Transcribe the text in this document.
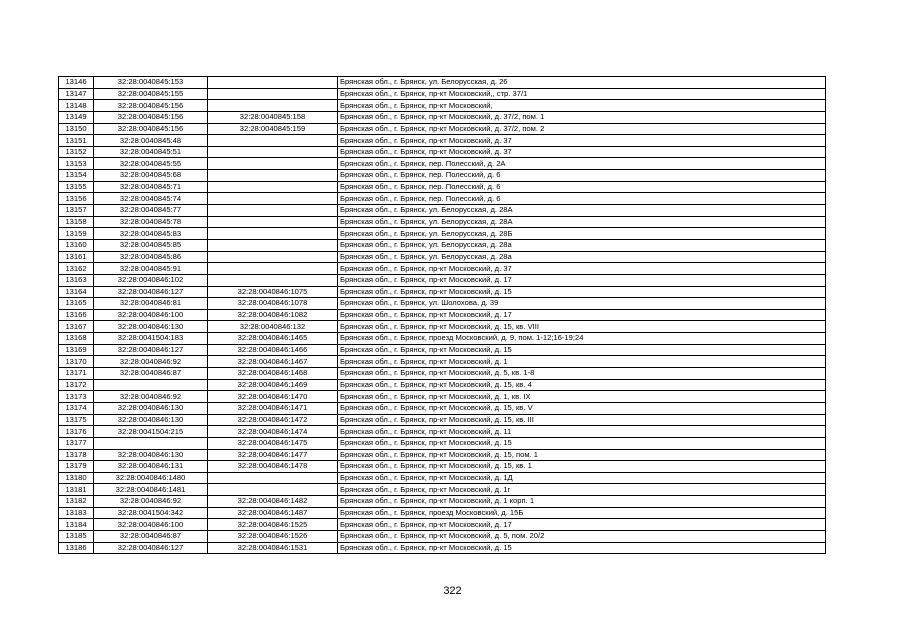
13146	32:28:0040845:153		Брянская обл., г. Брянск, ул. Белорусская, д. 26
13147	32:28:0040845:155		Брянская обл., г. Брянск, пр-кт Московский,, стр. 37/1
13148	32:28:0040845:156		Брянская обл., г. Брянск, пр-кт Московский,
13149	32:28:0040845:156	32:28:0040845:158	Брянская обл., г. Брянск, пр-кт Московский, д. 37/2, пом. 1
13150	32:28:0040845:156	32:28:0040845:159	Брянская обл., г. Брянск, пр-кт Московский, д. 37/2, пом. 2
13151	32:28:0040845:48		Брянская обл., г. Брянск, пр-кт Московский, д. 37
13152	32:28:0040845:51		Брянская обл., г. Брянск, пр-кт Московский, д. 37
13153	32:28:0040845:55		Брянская обл., г. Брянск, пер. Полесский, д. 2А
13154	32:28:0040845:68		Брянская обл., г. Брянск, пер. Полесский, д. 6
13155	32:28:0040845:71		Брянская обл., г. Брянск, пер. Полесский, д. 6
13156	32:28:0040845:74		Брянская обл., г. Брянск, пер. Полесский, д. 6
13157	32:28:0040845:77		Брянская обл., г. Брянск, ул. Белорусская, д. 28А
13158	32:28:0040845:78		Брянская обл., г. Брянск, ул. Белорусская, д. 28А
13159	32:28:0040845:83		Брянская обл., г. Брянск, ул. Белорусская, д. 28Б
13160	32:28:0040845:85		Брянская обл., г. Брянск, ул. Белорусская, д. 28а
13161	32:28:0040845:86		Брянская обл., г. Брянск, ул. Белорусская, д. 28а
13162	32:28:0040845:91		Брянская обл., г. Брянск, пр-кт Московский, д. 37
13163	32:28:0040846:102		Брянская обл., г. Брянск, пр-кт Московский, д. 17
13164	32:28:0040846:127	32:28:0040846:1075	Брянская обл., г. Брянск, пр-кт Московский, д. 15
13165	32:28:0040846:81	32:28:0040846:1078	Брянская обл., г. Брянск, ул. Шолохова, д. 39
13166	32:28:0040846:100	32:28:0040846:1082	Брянская обл., г. Брянск, пр-кт Московский, д. 17
13167	32:28:0040846:130	32:28:0040846:132	Брянская обл., г. Брянск, пр-кт Московский, д. 15, кв. VIII
13168	32:28:0041504:183	32:28:0040846:1465	Брянская обл., г. Брянск, проезд Московский, д. 9, пом. 1-12;16-19;24
13169	32:28:0040846:127	32:28:0040846:1466	Брянская обл., г. Брянск, пр-кт Московский, д. 15
13170	32:28:0040846:92	32:28:0040846:1467	Брянская обл., г. Брянск, пр-кт Московский, д. 1
13171	32:28:0040846:87	32:28:0040846:1468	Брянская обл., г. Брянск, пр-кт Московский, д. 5, кв. 1-8
13172		32:28:0040846:1469	Брянская обл., г. Брянск, пр-кт Московский, д. 15, кв. 4
13173	32:28:0040846:92	32:28:0040846:1470	Брянская обл., г. Брянск, пр-кт Московский, д. 1, кв. IX
13174	32:28:0040846:130	32:28:0040846:1471	Брянская обл., г. Брянск, пр-кт Московский, д. 15, кв. V
13175	32:28:0040846:130	32:28:0040846:1472	Брянская обл., г. Брянск, пр-кт Московский, д. 15, кв. III
13176	32:28:0041504:215	32:28:0040846:1474	Брянская обл., г. Брянск, пр-кт Московский, д. 11
13177		32:28:0040846:1475	Брянская обл., г. Брянск, пр-кт Московский, д. 15
13178	32:28:0040846:130	32:28:0040846:1477	Брянская обл., г. Брянск, пр-кт Московский, д. 15, пом. 1
13179	32:28:0040846:131	32:28:0040846:1478	Брянская обл., г. Брянск, пр-кт Московский, д. 15, кв. 1
13180	32:28:0040846:1480		Брянская обл., г. Брянск, пр-кт Московский, д. 1Д
13181	32:28:0040846:1481		Брянская обл., г. Брянск, пр-кт Московский, д. 1г
13182	32:28:0040846:92	32:28:0040846:1482	Брянская обл., г. Брянск, пр-кт Московский, д. 1 корп. 1
13183	32:28:0041504:342	32:28:0040846:1487	Брянская обл., г. Брянск, проезд Московский, д. 15Б
13184	32:28:0040846:100	32:28:0040846:1525	Брянская обл., г. Брянск, пр-кт Московский, д. 17
13185	32:28:0040846:87	32:28:0040846:1526	Брянская обл., г. Брянск, пр-кт Московский, д. 5, пом. 20/2
13186	32:28:0040846:127	32:28:0040846:1531	Брянская обл., г. Брянск, пр-кт Московский, д. 15
322
